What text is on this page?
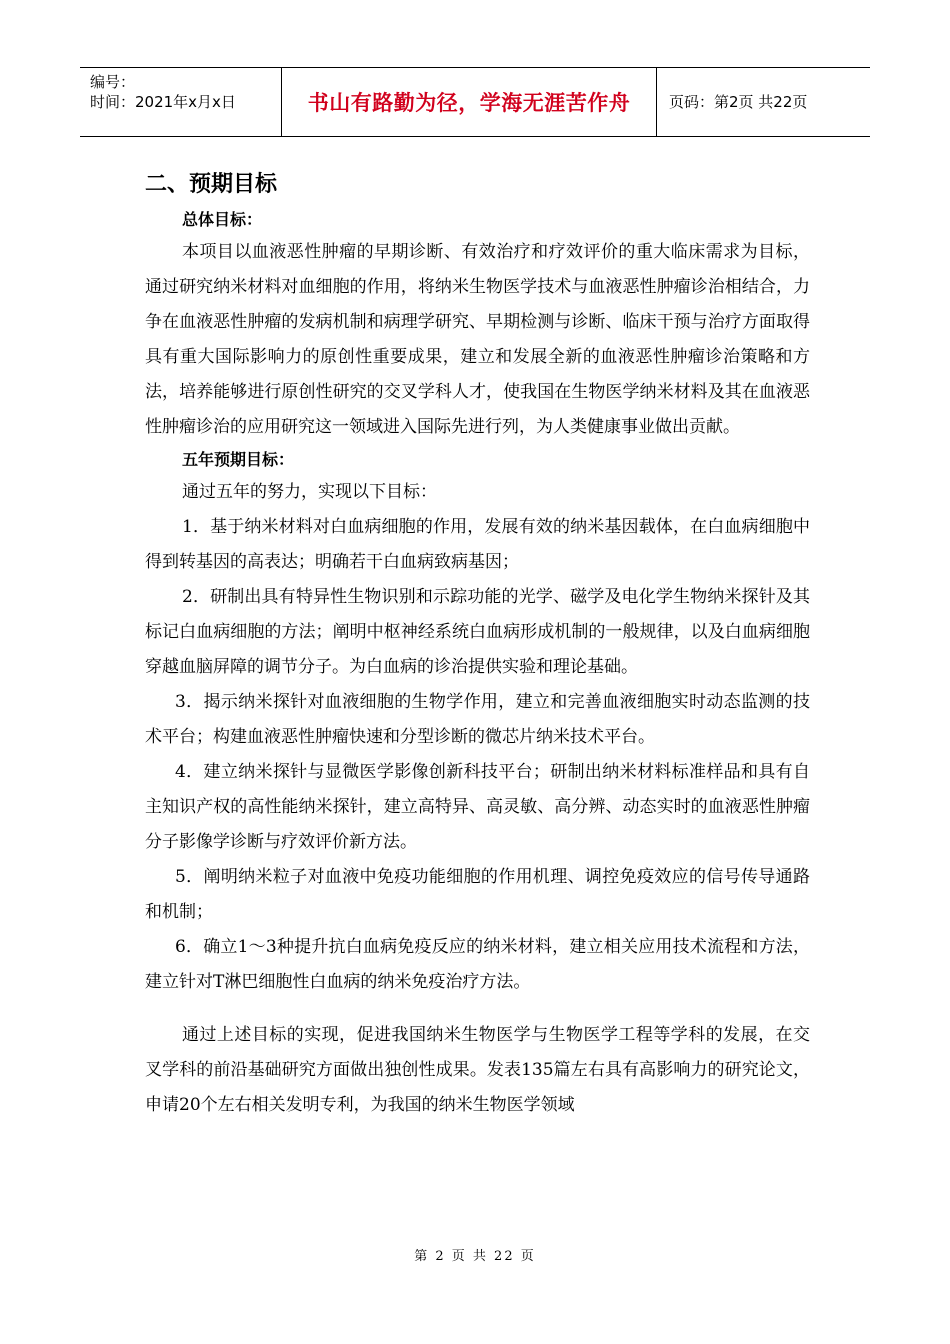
编号：
时间：2021年x月x日	书山有路勤为径，学海无涯苦作舟	页码：第2页 共22页
二、预期目标
总体目标：

本项目以血液恶性肿瘤的早期诊断、有效治疗和疗效评价的重大临床需求为目标，通过研究纳米材料对血细胞的作用，将纳米生物医学技术与血液恶性肿瘤诊治相结合，力争在血液恶性肿瘤的发病机制和病理学研究、早期检测与诊断、临床干预与治疗方面取得具有重大国际影响力的原创性重要成果，建立和发展全新的血液恶性肿瘤诊治策略和方法，培养能够进行原创性研究的交叉学科人才，使我国在生物医学纳米材料及其在血液恶性肿瘤诊治的应用研究这一领域进入国际先进行列，为人类健康事业做出贡献。

五年预期目标：

通过五年的努力，实现以下目标：

1．基于纳米材料对白血病细胞的作用，发展有效的纳米基因载体，在白血病细胞中得到转基因的高表达；明确若干白血病致病基因；

2．研制出具有特异性生物识别和示踪功能的光学、磁学及电化学生物纳米探针及其标记白血病细胞的方法；阐明中枢神经系统白血病形成机制的一般规律，以及白血病细胞穿越血脑屏障的调节分子。为白血病的诊治提供实验和理论基础。

3．揭示纳米探针对血液细胞的生物学作用，建立和完善血液细胞实时动态监测的技术平台；构建血液恶性肿瘤快速和分型诊断的微芯片纳米技术平台。

4．建立纳米探针与显微医学影像创新科技平台；研制出纳米材料标准样品和具有自主知识产权的高性能纳米探针，建立高特异、高灵敏、高分辨、动态实时的血液恶性肿瘤分子影像学诊断与疗效评价新方法。

5．阐明纳米粒子对血液中免疫功能细胞的作用机理、调控免疫效应的信号传导通路和机制；

6．确立1～3种提升抗白血病免疫反应的纳米材料，建立相关应用技术流程和方法，建立针对T淋巴细胞性白血病的纳米免疫治疗方法。

通过上述目标的实现，促进我国纳米生物医学与生物医学工程等学科的发展，在交叉学科的前沿基础研究方面做出独创性成果。发表135篇左右具有高影响力的研究论文，申请20个左右相关发明专利，为我国的纳米生物医学领域

第 2 页 共 22 页
